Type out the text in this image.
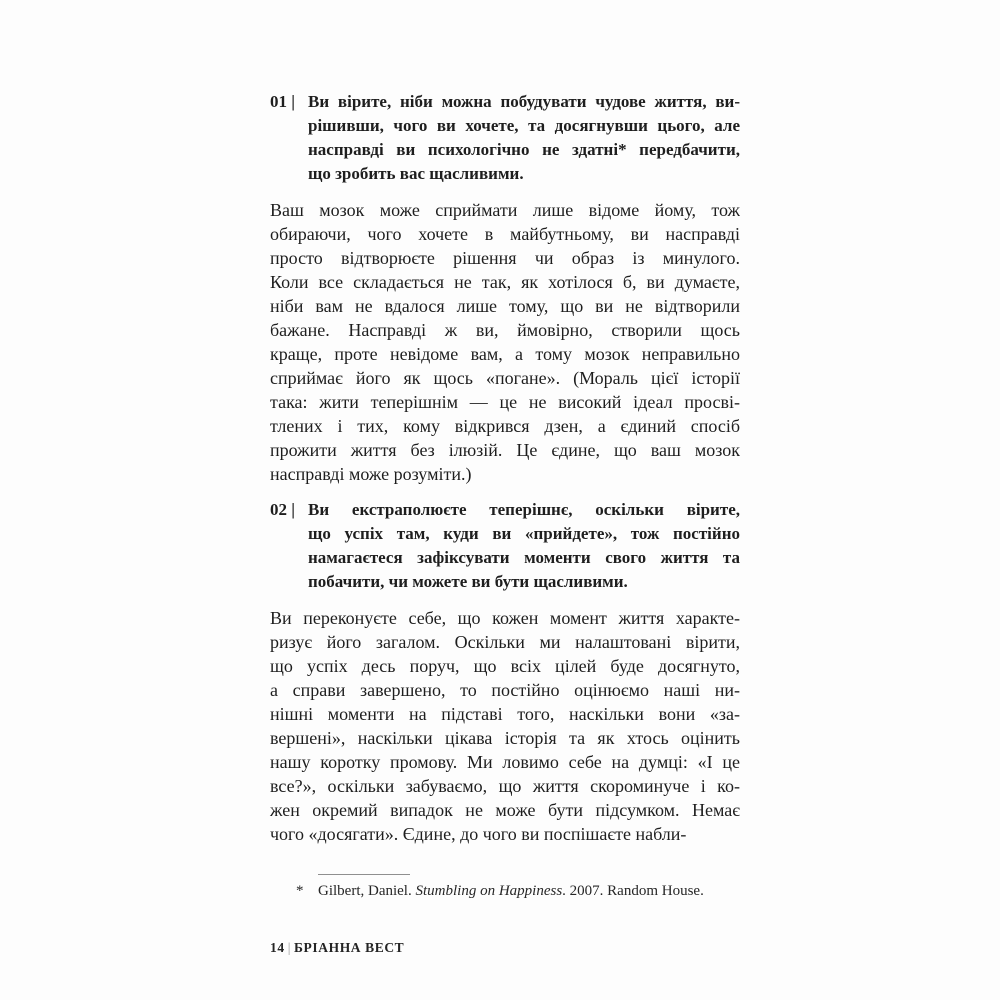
01 | Ви вірите, ніби можна побудувати чудове життя, ви-
рішивши, чого ви хочете, та досягнувши цього, але
насправді ви психологічно не здатні* передбачити,
що зробить вас щасливими.
Ваш мозок може сприймати лише відоме йому, тож
обираючи, чого хочете в майбутньому, ви насправді
просто відтворюєте рішення чи образ із минулого.
Коли все складається не так, як хотілося б, ви думаєте,
ніби вам не вдалося лише тому, що ви не відтворили
бажане. Насправді ж ви, ймовірно, створили щось
краще, проте невідоме вам, а тому мозок неправильно
сприймає його як щось «погане». (Мораль цієї історії
така: жити теперішнім — це не високий ідеал просві-
тлених і тих, кому відкрився дзен, а єдиний спосіб
прожити життя без ілюзій. Це єдине, що ваш мозок
насправді може розуміти.)
02 | Ви екстраполюєте теперішнє, оскільки вірите,
що успіх там, куди ви «прийдете», тож постійно
намагаєтеся зафіксувати моменти свого життя та
побачити, чи можете ви бути щасливими.
Ви переконуєте себе, що кожен момент життя характе-
ризує його загалом. Оскільки ми налаштовані вірити,
що успіх десь поруч, що всіх цілей буде досягнуто,
а справи завершено, то постійно оцінюємо наші ни-
нішні моменти на підставі того, наскільки вони «за-
вершені», наскільки цікава історія та як хтось оцінить
нашу коротку промову. Ми ловимо себе на думці: «І це
все?», оскільки забуваємо, що життя скороминуче і ко-
жен окремий випадок не може бути підсумком. Немає
чого «досягати». Єдине, до чого ви поспішаєте набли-
* Gilbert, Daniel. Stumbling on Happiness. 2007. Random House.
14 | БРІАННА ВЕСТ
